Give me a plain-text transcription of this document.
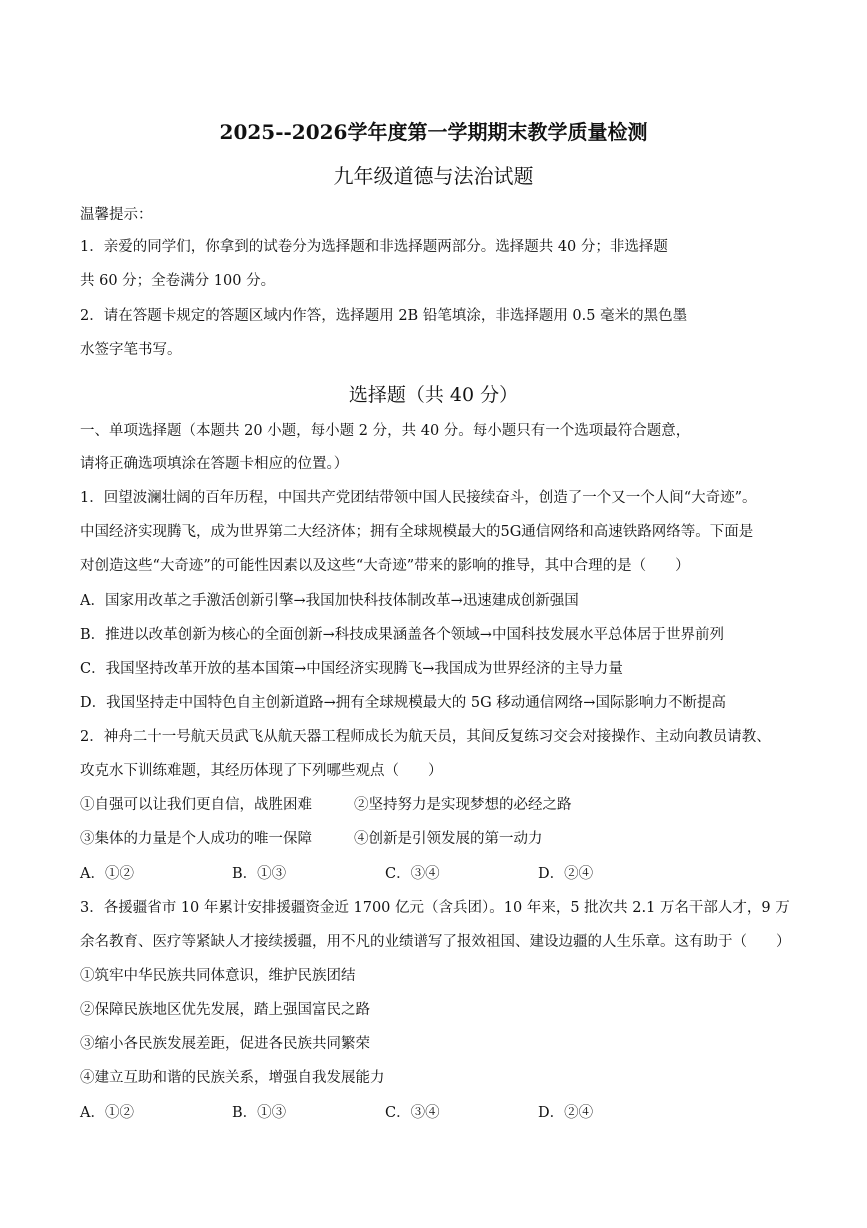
2025--2026学年度第一学期期末教学质量检测
九年级道德与法治试题
温馨提示：
1．亲爱的同学们，你拿到的试卷分为选择题和非选择题两部分。选择题共 40 分；非选择题
共 60 分；全卷满分 100 分。
2．请在答题卡规定的答题区域内作答，选择题用 2B 铅笔填涂，非选择题用 0.5 毫米的黑色墨
水签字笔书写。
选择题（共 40 分）
一、单项选择题（本题共 20 小题，每小题 2 分，共 40 分。每小题只有一个选项最符合题意，
请将正确选项填涂在答题卡相应的位置。）
1．回望波澜壮阔的百年历程，中国共产党团结带领中国人民接续奋斗，创造了一个又一个人间“大奇迹”。
中国经济实现腾飞，成为世界第二大经济体；拥有全球规模最大的5G通信网络和高速铁路网络等。下面是
对创造这些“大奇迹”的可能性因素以及这些“大奇迹”带来的影响的推导，其中合理的是（　　）
A．国家用改革之手激活创新引擎→我国加快科技体制改革→迅速建成创新强国
B．推进以改革创新为核心的全面创新→科技成果涵盖各个领域→中国科技发展水平总体居于世界前列
C．我国坚持改革开放的基本国策→中国经济实现腾飞→我国成为世界经济的主导力量
D．我国坚持走中国特色自主创新道路→拥有全球规模最大的 5G 移动通信网络→国际影响力不断提高
2．神舟二十一号航天员武飞从航天器工程师成长为航天员，其间反复练习交会对接操作、主动向教员请教、
攻克水下训练难题，其经历体现了下列哪些观点（　　）
①自强可以让我们更自信，战胜困难	②坚持努力是实现梦想的必经之路
③集体的力量是个人成功的唯一保障	④创新是引领发展的第一动力
A．①②	B．①③	C．③④	D．②④
3．各援疆省市 10 年累计安排援疆资金近 1700 亿元（含兵团）。10 年来，5 批次共 2.1 万名干部人才，9 万
余名教育、医疗等紧缺人才接续援疆，用不凡的业绩谱写了报效祖国、建设边疆的人生乐章。这有助于（　　）
①筑牢中华民族共同体意识，维护民族团结
②保障民族地区优先发展，踏上强国富民之路
③缩小各民族发展差距，促进各民族共同繁荣
④建立互助和谐的民族关系，增强自我发展能力
A．①②	B．①③	C．③④	D．②④
